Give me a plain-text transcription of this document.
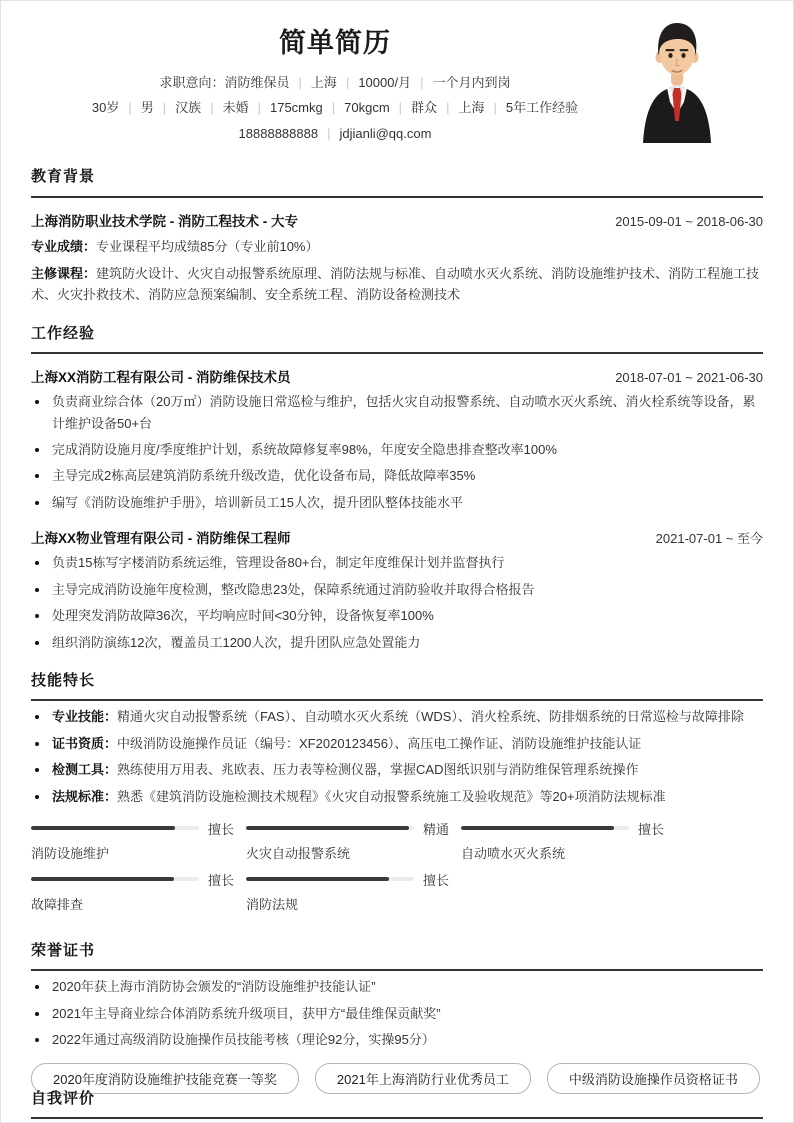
简单简历
求职意向：消防维保员 | 上海 | 10000/月 | 一个月内到岗
30岁 | 男 | 汉族 | 未婚 | 175cmkg | 70kgcm | 群众 | 上海 | 5年工作经验
18888888888 | jdjianli@qq.com
教育背景
上海消防职业技术学院 - 消防工程技术 - 大专	2015-09-01 ~ 2018-06-30
专业成绩：专业课程平均成绩85分（专业前10%）
主修课程：建筑防火设计、火灾自动报警系统原理、消防法规与标准、自动喷水灭火系统、消防设施维护技术、消防工程施工技术、火灾扑救技术、消防应急预案编制、安全系统工程、消防设备检测技术
工作经验
上海XX消防工程有限公司 - 消防维保技术员	2018-07-01 ~ 2021-06-30
负责商业综合体（20万㎡）消防设施日常巡检与维护，包括火灾自动报警系统、自动喷水灭火系统、消火栓系统等设备，累计维护设备50+台
完成消防设施月度/季度维护计划，系统故障修复率98%，年度安全隐患排查整改率100%
主导完成2栋高层建筑消防系统升级改造，优化设备布局，降低故障率35%
编写《消防设施维护手册》，培训新员工15人次，提升团队整体技能水平
上海XX物业管理有限公司 - 消防维保工程师	2021-07-01 ~ 至今
负责15栋写字楼消防系统运维，管理设备80+台，制定年度维保计划并监督执行
主导完成消防设施年度检测，整改隐患23处，保障系统通过消防验收并取得合格报告
处理突发消防故障36次，平均响应时间<30分钟，设备恢复率100%
组织消防演练12次，覆盖员工1200人次，提升团队应急处置能力
技能特长
专业技能：精通火灾自动报警系统（FAS）、自动喷水灭火系统（WDS）、消火栓系统、防排烟系统的日常巡检与故障排除
证书资质：中级消防设施操作员证（编号：XF2020123456）、高压电工操作证、消防设施维护技能认证
检测工具：熟练使用万用表、兆欧表、压力表等检测仪器，掌握CAD图纸识别与消防维保管理系统操作
法规标准：熟悉《建筑消防设施检测技术规程》《火灾自动报警系统施工及验收规范》等20+项消防法规标准
擅长
消防设施维护
精通
火灾自动报警系统
擅长
自动喷水灭火系统
擅长
故障排查
擅长
消防法规
荣誉证书
2020年获上海市消防协会颁发的“消防设施维护技能认证”
2021年主导商业综合体消防系统升级项目，获甲方“最佳维保贡献奖”
2022年通过高级消防设施操作员技能考核（理论92分，实操95分）
2020年度消防设施维护技能竞赛一等奖	2021年上海消防行业优秀员工	中级消防设施操作员资格证书
自我评价
